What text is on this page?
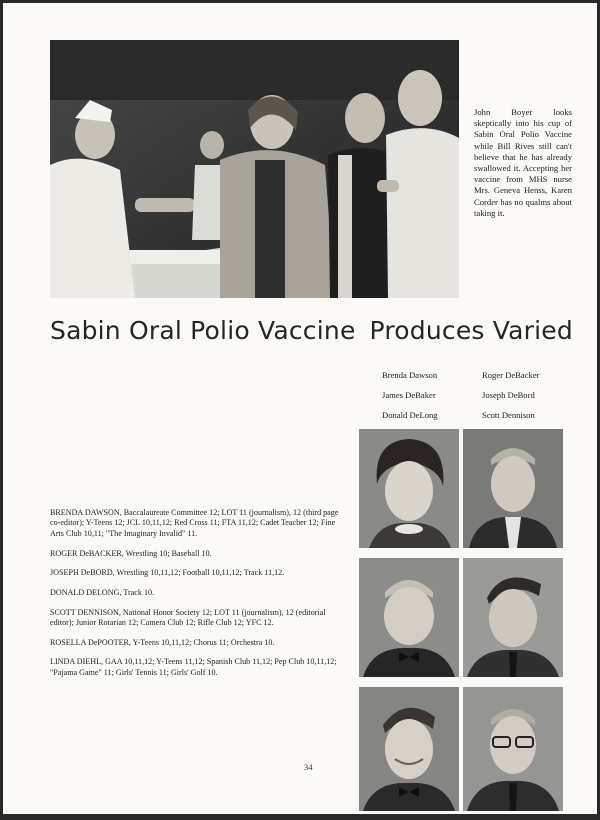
John Boyer looks skeptically into his cup of Sabin Oral Polio Vaccine while Bill Rives still can't believe that he has already swallowed it. Accepting her vaccine from MHS nurse Mrs. Geneva Henss, Karen Corder has no qualms about taking it.
Sabin Oral Polio Vaccine Produces Varied
Brenda Dawson	Roger DeBacker
James DeBaker	Joseph DeBord
Donald DeLong	Scott Dennison

BRENDA DAWSON, Baccalaureate Committee 12; LOT 11 (journalism), 12 (third page co-editor); Y-Teens 12; JCL 10,11,12; Red Cross 11; FTA 11,12; Cadet Teacher 12; Fine Arts Club 10,11; "The Imaginary Invalid" 11.

ROGER DeBACKER, Wrestling 10; Baseball 10.

JOSEPH DeBORD, Wrestling 10,11,12; Football 10,11,12; Track 11,12.

DONALD DELONG, Track 10.

SCOTT DENNISON, National Honor Society 12; LOT 11 (journalism), 12 (editorial editor); Junior Rotarian 12; Camera Club 12; Rifle Club 12; YFC 12.

ROSELLA DePOOTER, Y-Teens 10,11,12; Chorus 11; Orchestra 10.

LINDA DIEHL, GAA 10,11,12; Y-Teens 11,12; Spanish Club 11,12; Pep Club 10,11,12; "Pajama Game" 11; Girls' Tennis 11; Girls' Golf 10.

34
